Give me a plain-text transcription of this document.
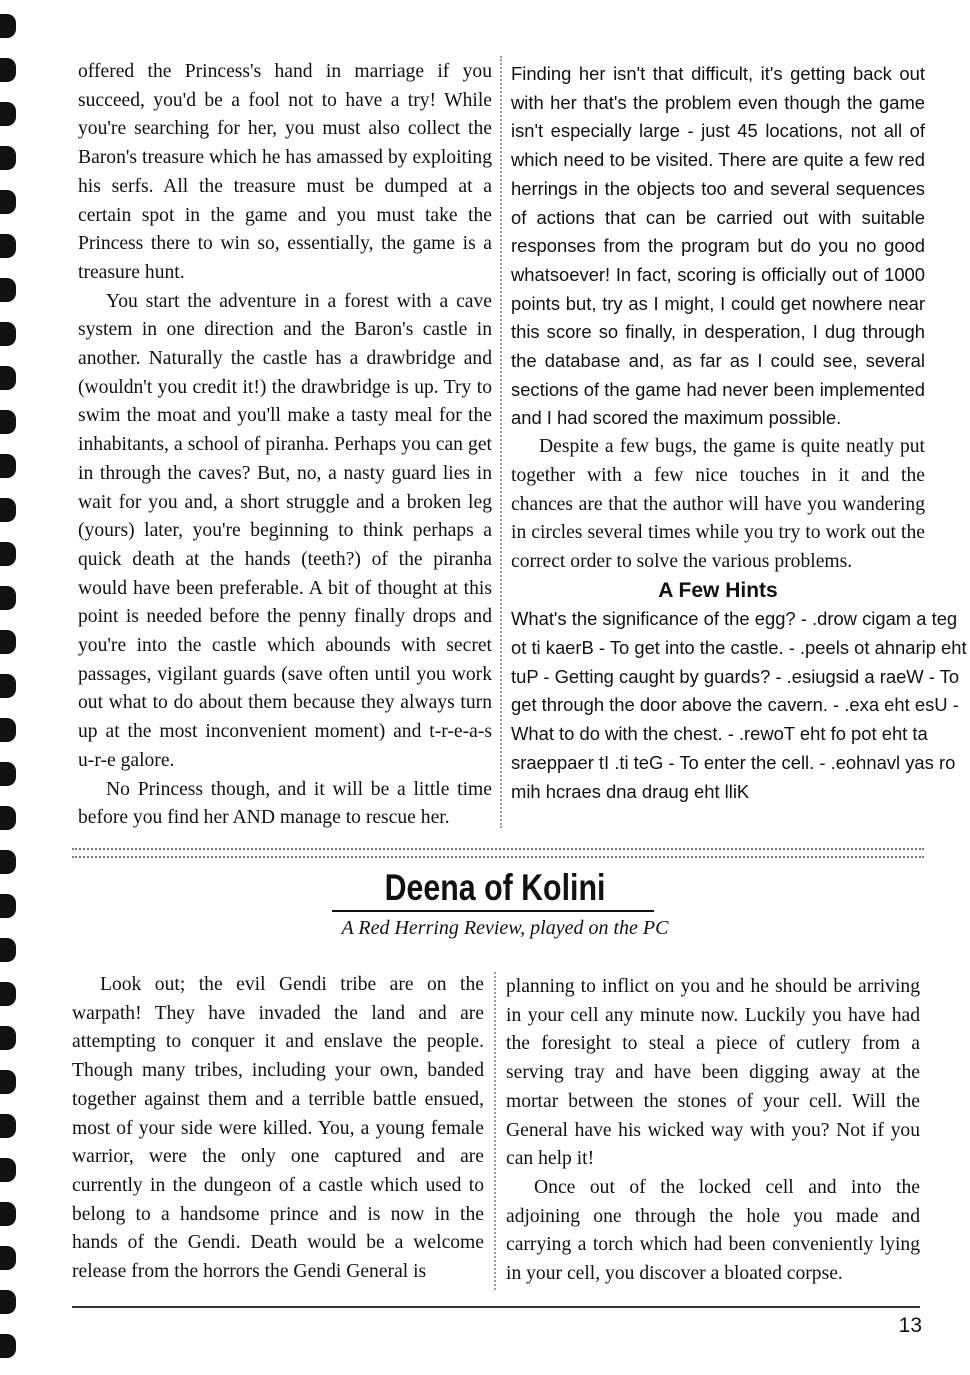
offered the Princess's hand in marriage if you succeed, you'd be a fool not to have a try! While you're searching for her, you must also collect the Baron's treasure which he has amassed by exploiting his serfs. All the treasure must be dumped at a certain spot in the game and you must take the Princess there to win so, essentially, the game is a treasure hunt.

You start the adventure in a forest with a cave system in one direction and the Baron's castle in another. Naturally the castle has a drawbridge and (wouldn't you credit it!) the drawbridge is up. Try to swim the moat and you'll make a tasty meal for the inhabitants, a school of piranha. Perhaps you can get in through the caves? But, no, a nasty guard lies in wait for you and, a short struggle and a broken leg (yours) later, you're beginning to think perhaps a quick death at the hands (teeth?) of the piranha would have been preferable. A bit of thought at this point is needed before the penny finally drops and you're into the castle which abounds with secret passages, vigilant guards (save often until you work out what to do about them because they always turn up at the most inconvenient moment) and t-r-e-a-s u-r-e galore.

No Princess though, and it will be a little time before you find her AND manage to rescue her.

Finding her isn't that difficult, it's getting back out with her that's the problem even though the game isn't especially large - just 45 locations, not all of which need to be visited. There are quite a few red herrings in the objects too and several sequences of actions that can be carried out with suitable responses from the program but do you no good whatsoever! In fact, scoring is officially out of 1000 points but, try as I might, I could get nowhere near this score so finally, in desperation, I dug through the database and, as far as I could see, several sections of the game had never been implemented and I had scored the maximum possible.

Despite a few bugs, the game is quite neatly put together with a few nice touches in it and the chances are that the author will have you wandering in circles several times while you try to work out the correct order to solve the various problems.

A Few Hints
What's the significance of the egg? - .drow cigam a teg
ot ti kaerB - To get into the castle. - .peels ot ahnarip eht
tuP - Getting caught by guards? - .esiugsid a raeW - To
get through the door above the cavern. - .exa eht esU -
What to do with the chest. - .rewoT eht fo pot eht ta
sraeppaer tI .ti teG - To enter the cell. - .eohnavl yas ro
mih hcraes dna draug eht lliK
Deena of Kolini
A Red Herring Review, played on the PC

Look out; the evil Gendi tribe are on the warpath! They have invaded the land and are attempting to conquer it and enslave the people. Though many tribes, including your own, banded together against them and a terrible battle ensued, most of your side were killed. You, a young female warrior, were the only one captured and are currently in the dungeon of a castle which used to belong to a handsome prince and is now in the hands of the Gendi. Death would be a welcome release from the horrors the Gendi General is

planning to inflict on you and he should be arriving in your cell any minute now. Luckily you have had the foresight to steal a piece of cutlery from a serving tray and have been digging away at the mortar between the stones of your cell. Will the General have his wicked way with you? Not if you can help it!

Once out of the locked cell and into the adjoining one through the hole you made and carrying a torch which had been conveniently lying in your cell, you discover a bloated corpse.

13
